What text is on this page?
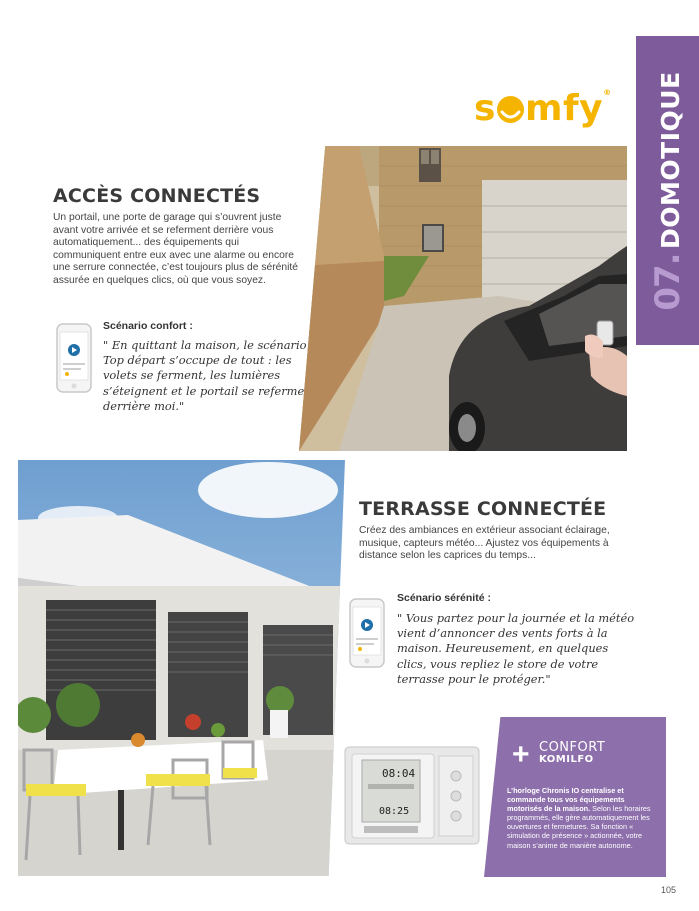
07. DOMOTIQUE
s mfy®
ACCÈS CONNECTÉS
Un portail, une porte de garage qui s’ouvrent juste avant votre arrivée et se referment derrière vous automatiquement... des équipements qui communiquent entre eux avec une alarme ou encore une serrure connectée, c’est toujours plus de sérénité assurée en quelques clics, où que vous soyez.
Scénario confort :
" En quittant la maison, le scénario Top départ s’occupe de tout : les volets se ferment, les lumières s’éteignent et le portail se referme derrière moi."
TERRASSE CONNECTÉE
Créez des ambiances en extérieur associant éclairage, musique, capteurs météo... Ajustez vos équipements à distance selon les caprices du temps...
Scénario sérénité :
" Vous partez pour la journée et la météo vient d’annoncer des vents forts à la maison. Heureusement, en quelques clics, vous repliez le store de votre terrasse pour le protéger."
08:04
08:25
+ CONFORT
KOMILFO
L’horloge Chronis IO centralise et commande tous vos équipements motorisés de la maison. Selon les horaires programmés, elle gère automatiquement les ouvertures et fermetures. Sa fonction « simulation de présence » actionnée, votre maison s’anime de manière autonome.
105
